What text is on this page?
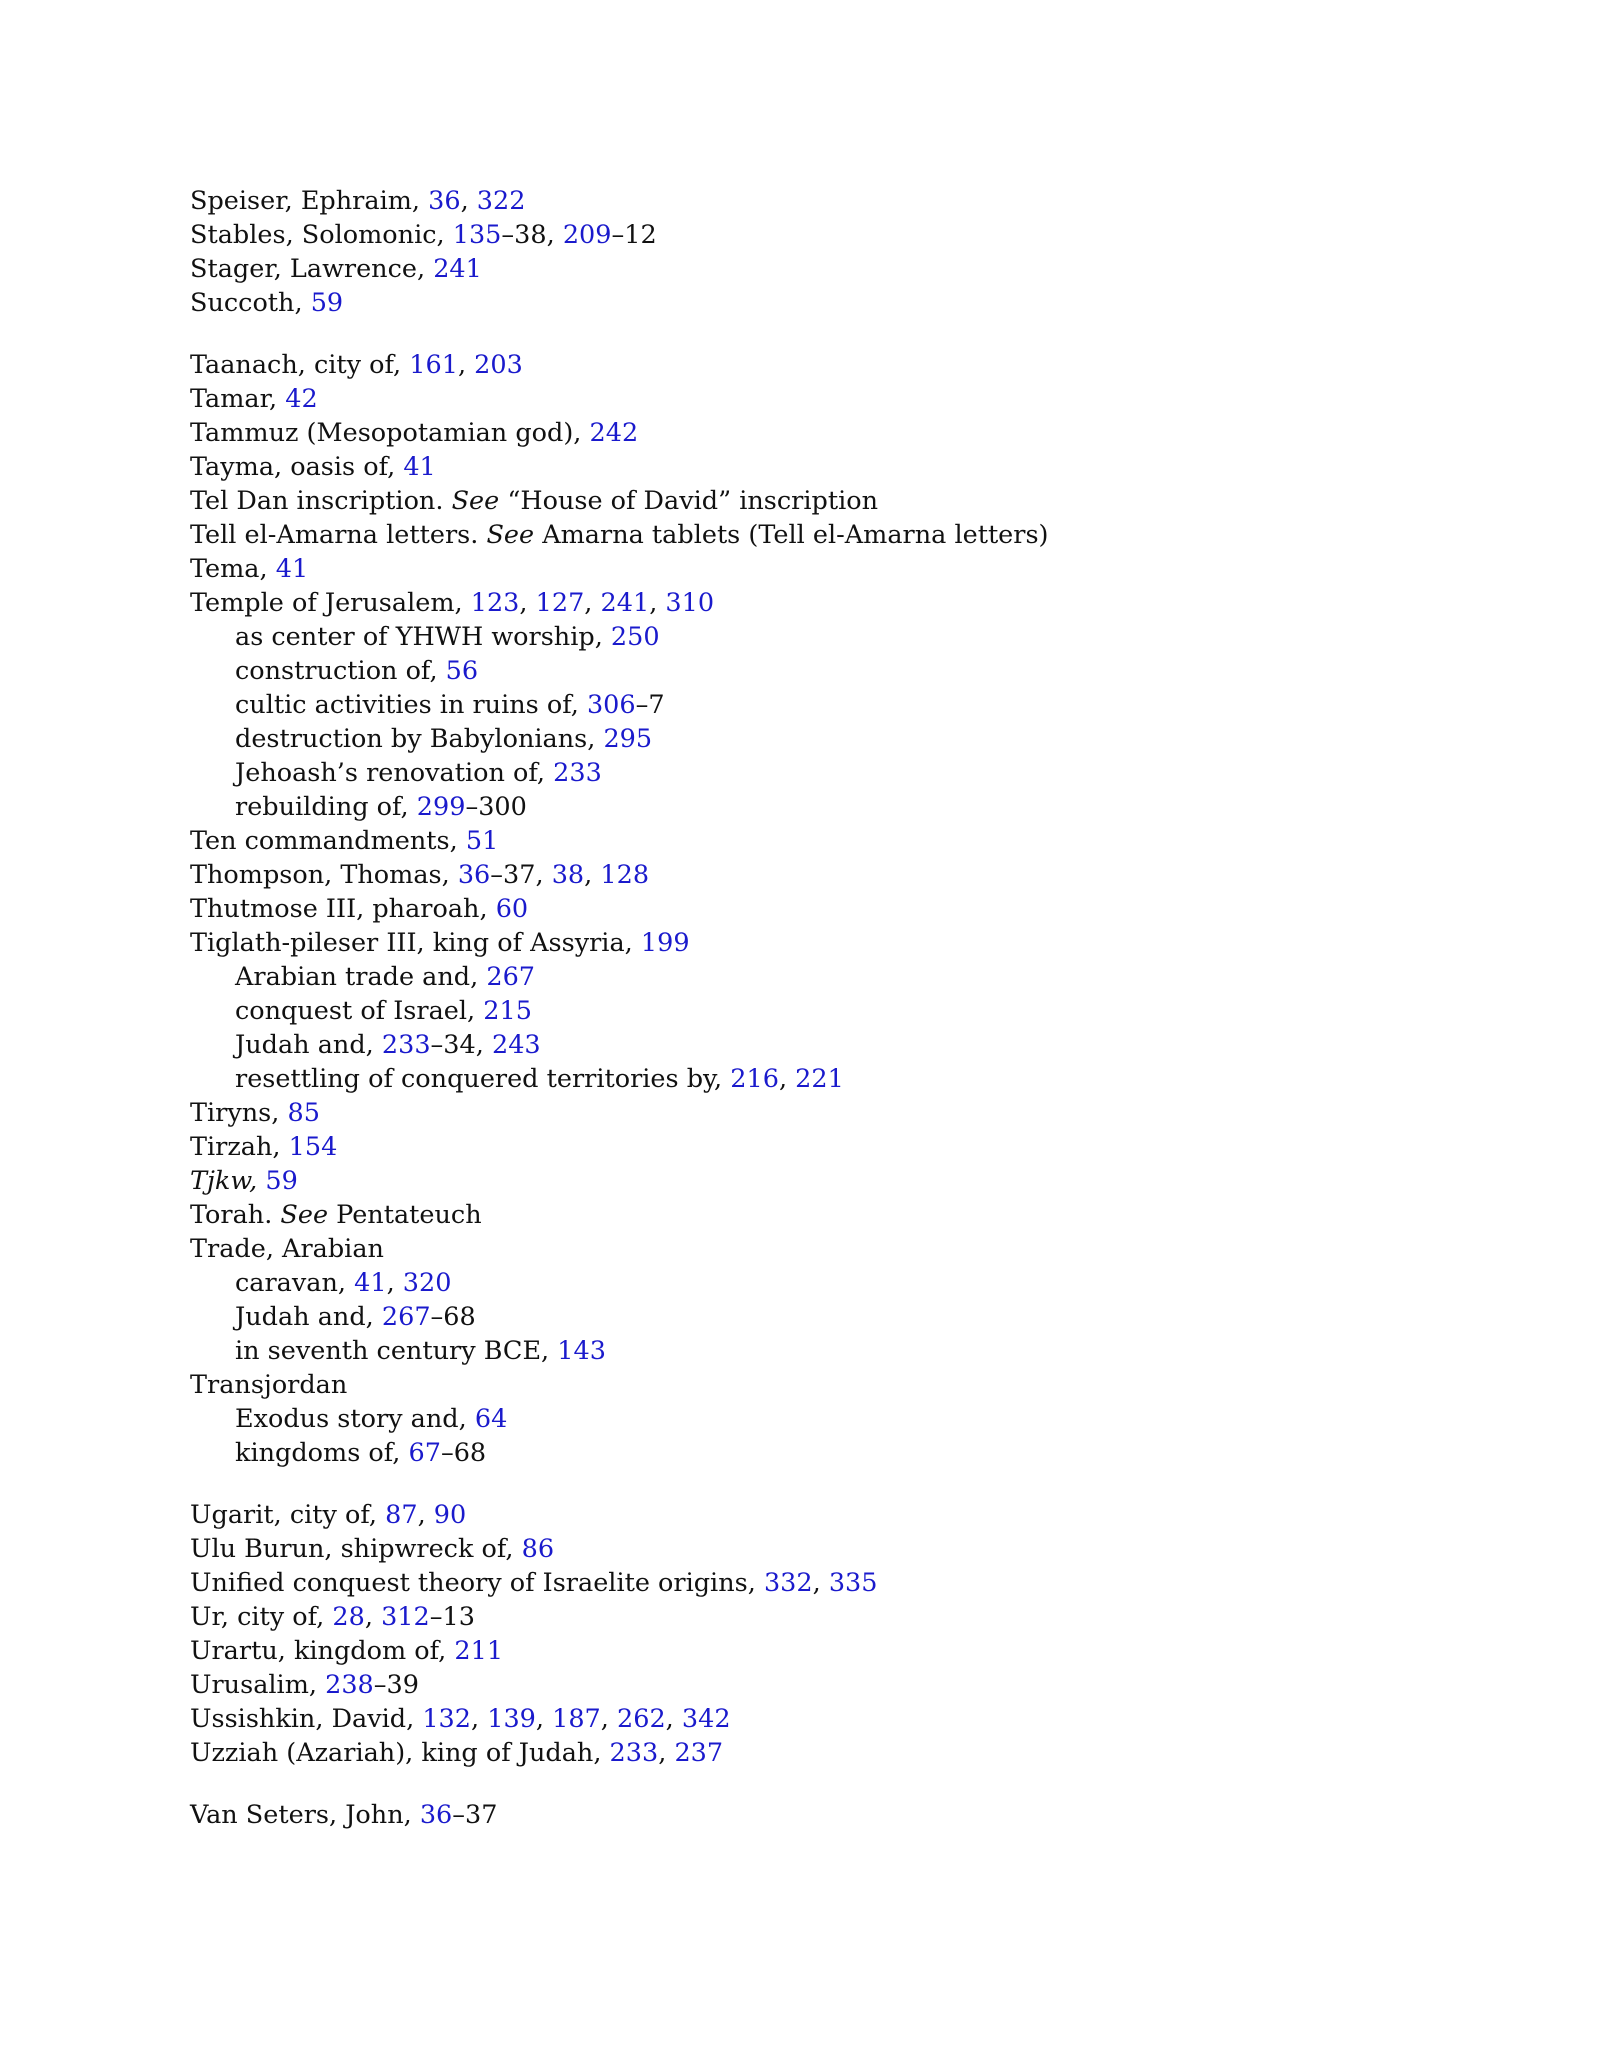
Speiser, Ephraim, 36, 322
Stables, Solomonic, 135–38, 209–12
Stager, Lawrence, 241
Succoth, 59
Taanach, city of, 161, 203
Tamar, 42
Tammuz (Mesopotamian god), 242
Tayma, oasis of, 41
Tel Dan inscription. See “House of David” inscription
Tell el-Amarna letters. See Amarna tablets (Tell el-Amarna letters)
Tema, 41
Temple of Jerusalem, 123, 127, 241, 310
as center of YHWH worship, 250
construction of, 56
cultic activities in ruins of, 306–7
destruction by Babylonians, 295
Jehoash’s renovation of, 233
rebuilding of, 299–300
Ten commandments, 51
Thompson, Thomas, 36–37, 38, 128
Thutmose III, pharoah, 60
Tiglath-pileser III, king of Assyria, 199
Arabian trade and, 267
conquest of Israel, 215
Judah and, 233–34, 243
resettling of conquered territories by, 216, 221
Tiryns, 85
Tirzah, 154
Tjkw, 59
Torah. See Pentateuch
Trade, Arabian
caravan, 41, 320
Judah and, 267–68
in seventh century BCE, 143
Transjordan
Exodus story and, 64
kingdoms of, 67–68
Ugarit, city of, 87, 90
Ulu Burun, shipwreck of, 86
Unified conquest theory of Israelite origins, 332, 335
Ur, city of, 28, 312–13
Urartu, kingdom of, 211
Urusalim, 238–39
Ussishkin, David, 132, 139, 187, 262, 342
Uzziah (Azariah), king of Judah, 233, 237
Van Seters, John, 36–37
